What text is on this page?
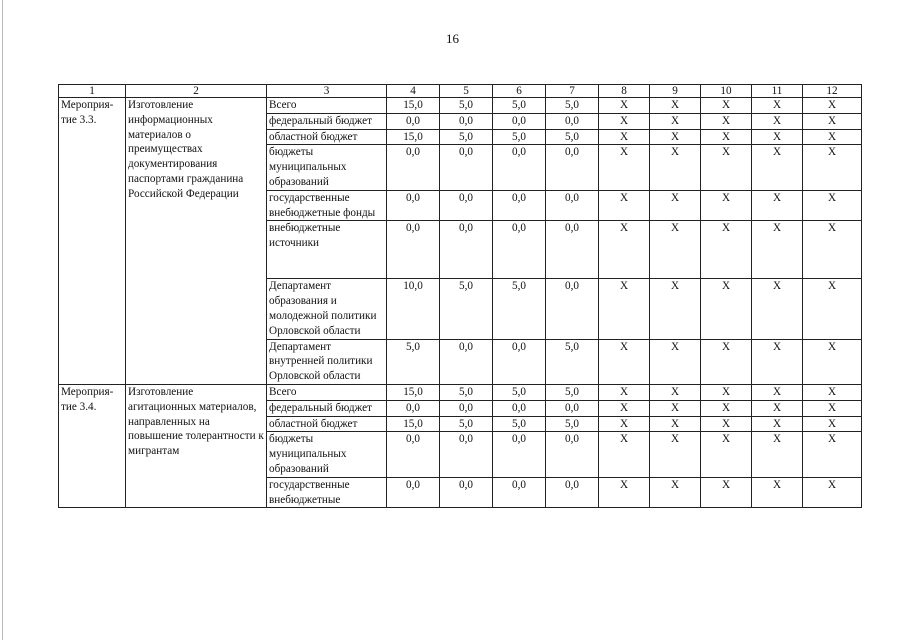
16
1	2	3	4	5	6	7	8	9	10	11	12
Мероприя-тие 3.3.	Изготовление информационных материалов о преимуществах документирования паспортами гражданина Российской Федерации	Всего	15,0	5,0	5,0	5,0	X	X	X	X	X
		федеральный бюджет	0,0	0,0	0,0	0,0	X	X	X	X	X
		областной бюджет	15,0	5,0	5,0	5,0	X	X	X	X	X
		бюджеты муниципальных образований	0,0	0,0	0,0	0,0	X	X	X	X	X
		государственные внебюджетные фонды	0,0	0,0	0,0	0,0	X	X	X	X	X
		внебюджетные источники	0,0	0,0	0,0	0,0	X	X	X	X	X
		Департамент образования и молодежной политики Орловской области	10,0	5,0	5,0	0,0	X	X	X	X	X
		Департамент внутренней политики Орловской области	5,0	0,0	0,0	5,0	X	X	X	X	X
Мероприя-тие 3.4.	Изготовление агитационных материалов, направленных на повышение толерантности к мигрантам	Всего	15,0	5,0	5,0	5,0	X	X	X	X	X
		федеральный бюджет	0,0	0,0	0,0	0,0	X	X	X	X	X
		областной бюджет	15,0	5,0	5,0	5,0	X	X	X	X	X
		бюджеты муниципальных образований	0,0	0,0	0,0	0,0	X	X	X	X	X
		государственные внебюджетные	0,0	0,0	0,0	0,0	X	X	X	X	X
